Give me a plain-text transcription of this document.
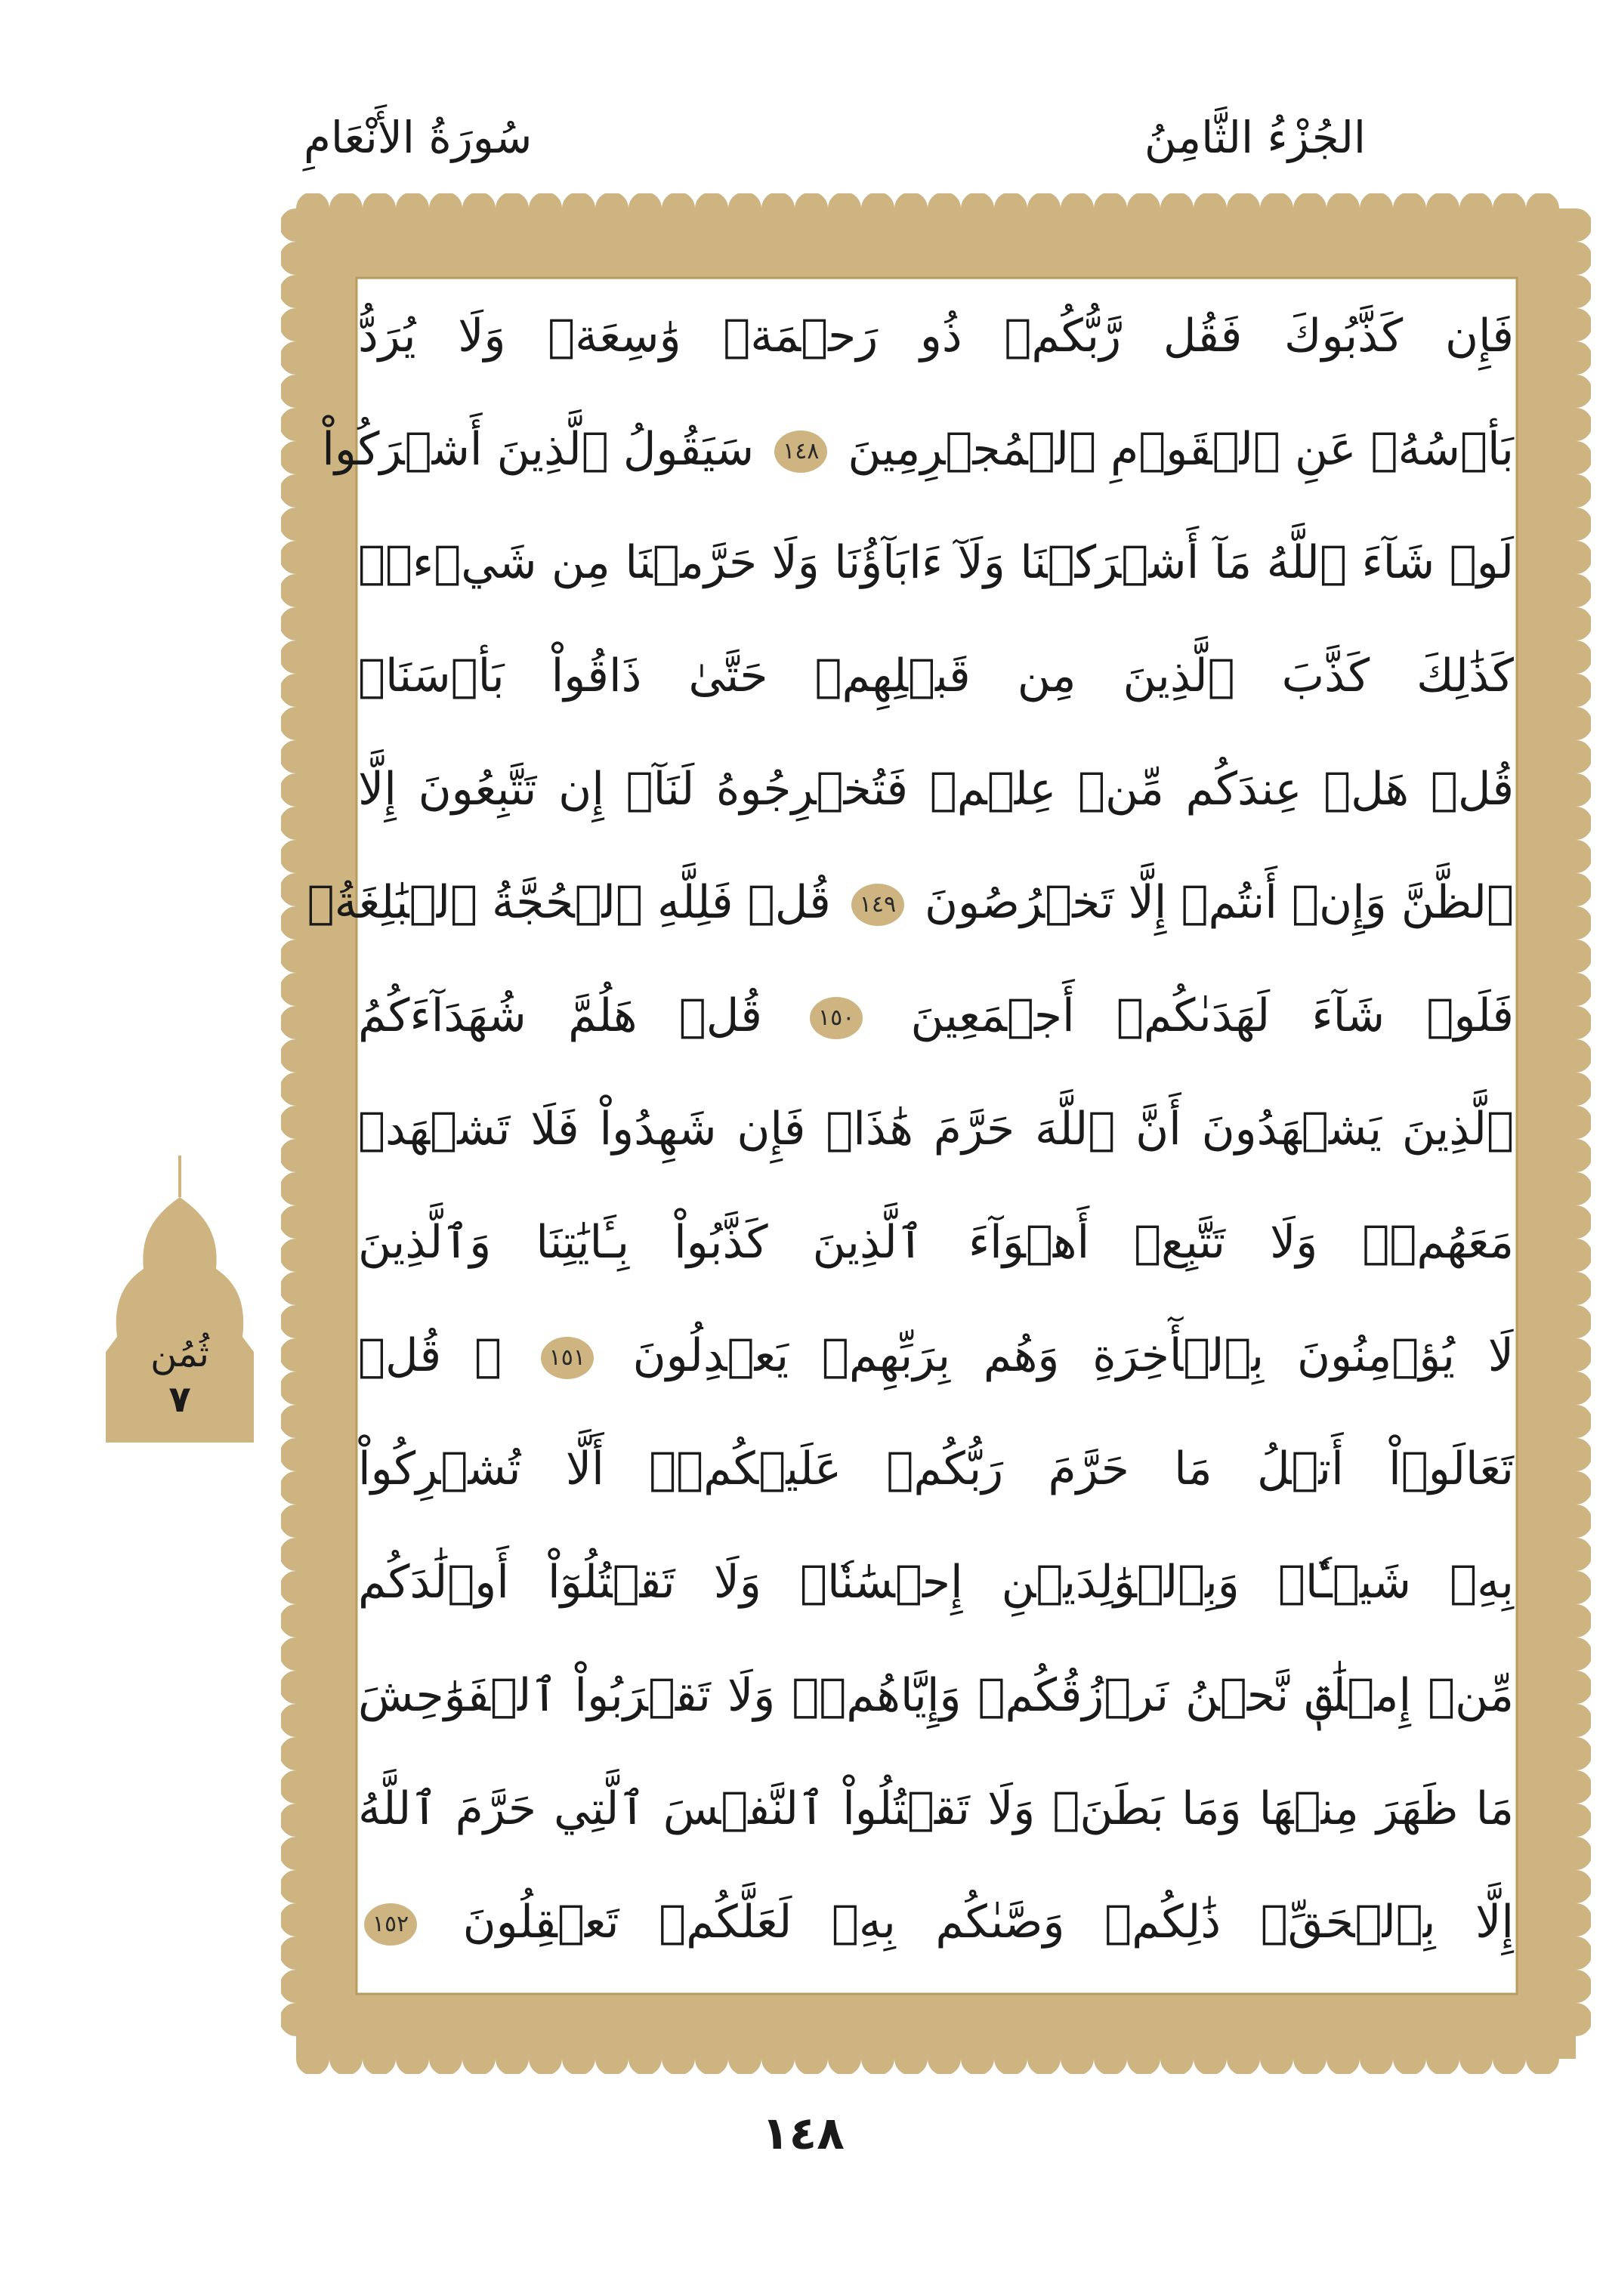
الجُزْءُ الثَّامِنُ
سُورَةُ الأَنْعَامِ
فَإِن كَذَّبُوكَ فَقُل رَّبُّكُمۡ ذُو رَحۡمَةٖ وَٰسِعَةٖ وَلَا يُرَدُّ
بَأۡسُهُۥ عَنِ ٱلۡقَوۡمِ ٱلۡمُجۡرِمِينَ ١٤٨ سَيَقُولُ ٱلَّذِينَ أَشۡرَكُواْ
لَوۡ شَآءَ ٱللَّهُ مَآ أَشۡرَكۡنَا وَلَآ ءَابَآؤُنَا وَلَا حَرَّمۡنَا مِن شَيۡءٖۚ
كَذَٰلِكَ كَذَّبَ ٱلَّذِينَ مِن قَبۡلِهِمۡ حَتَّىٰ ذَاقُواْ بَأۡسَنَاۗ
قُلۡ هَلۡ عِندَكُم مِّنۡ عِلۡمٖ فَتُخۡرِجُوهُ لَنَآۖ إِن تَتَّبِعُونَ إِلَّا
ٱلظَّنَّ وَإِنۡ أَنتُمۡ إِلَّا تَخۡرُصُونَ ١٤٩ قُلۡ فَلِلَّهِ ٱلۡحُجَّةُ ٱلۡبَٰلِغَةُۖ
فَلَوۡ شَآءَ لَهَدَىٰكُمۡ أَجۡمَعِينَ ١٥٠ قُلۡ هَلُمَّ شُهَدَآءَكُمُ
ٱلَّذِينَ يَشۡهَدُونَ أَنَّ ٱللَّهَ حَرَّمَ هَٰذَاۖ فَإِن شَهِدُواْ فَلَا تَشۡهَدۡ
مَعَهُمۡۚ وَلَا تَتَّبِعۡ أَهۡوَآءَ ٱلَّذِينَ كَذَّبُواْ بِـَٔايَٰتِنَا وَٱلَّذِينَ
لَا يُؤۡمِنُونَ بِٱلۡأٓخِرَةِ وَهُم بِرَبِّهِمۡ يَعۡدِلُونَ ١٥١ ۞ قُلۡ
تَعَالَوۡاْ أَتۡلُ مَا حَرَّمَ رَبُّكُمۡ عَلَيۡكُمۡۖ أَلَّا تُشۡرِكُواْ
بِهِۦ شَيۡـٔٗاۖ وَبِٱلۡوَٰلِدَيۡنِ إِحۡسَٰنٗاۖ وَلَا تَقۡتُلُوٓاْ أَوۡلَٰدَكُم
مِّنۡ إِمۡلَٰقٖ نَّحۡنُ نَرۡزُقُكُمۡ وَإِيَّاهُمۡۖ وَلَا تَقۡرَبُواْ ٱلۡفَوَٰحِشَ
مَا ظَهَرَ مِنۡهَا وَمَا بَطَنَۖ وَلَا تَقۡتُلُواْ ٱلنَّفۡسَ ٱلَّتِي حَرَّمَ ٱللَّهُ
إِلَّا بِٱلۡحَقِّۚ ذَٰلِكُمۡ وَصَّىٰكُم بِهِۦ لَعَلَّكُمۡ تَعۡقِلُونَ ١٥٢
ثُمُن
٧
١٤٨
